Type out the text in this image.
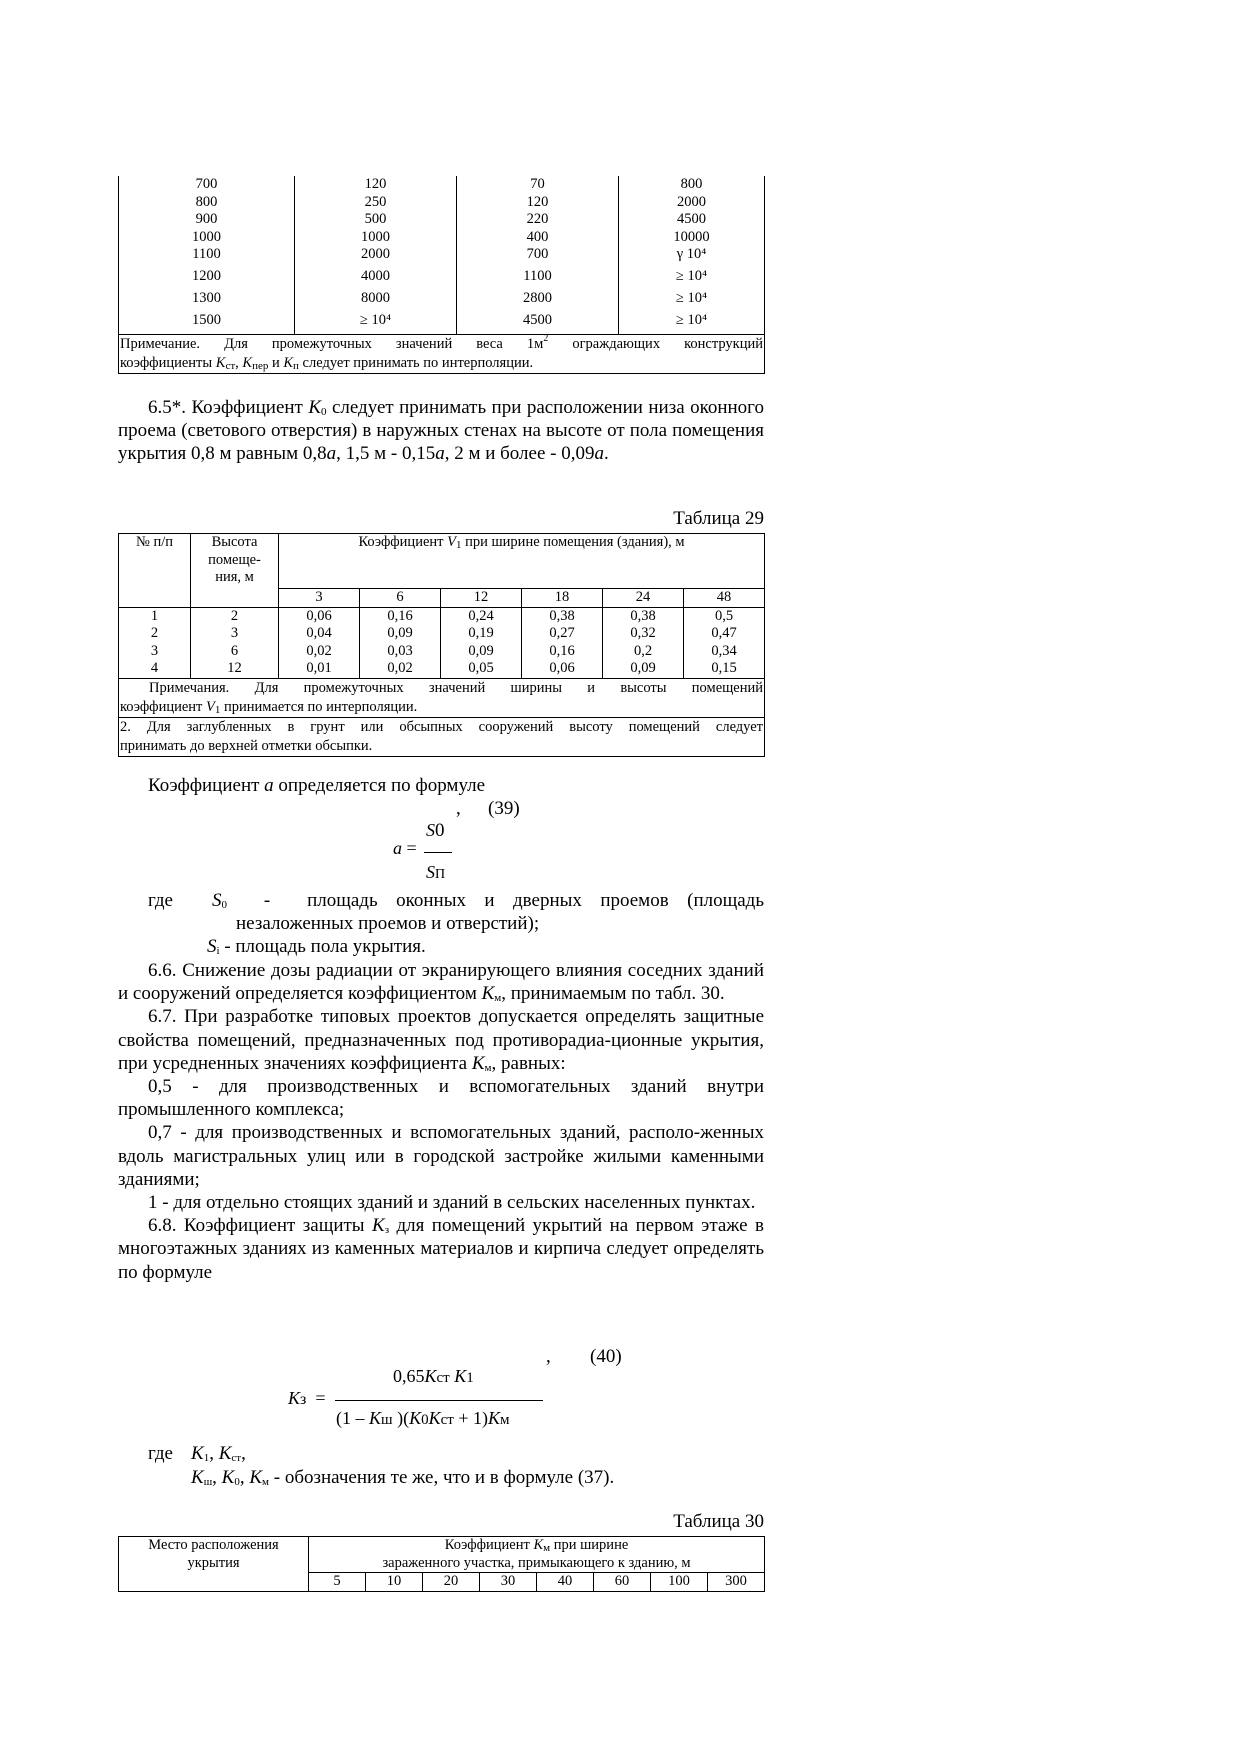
700	120	70	800
800	250	120	2000
900	500	220	4500
1000	1000	400	10000
1100	2000	700	γ 10⁴
1200	4000	1100	≥ 10⁴
1300	8000	2800	≥ 10⁴
1500	≥ 10⁴	4500	≥ 10⁴

Примечание. Для промежуточных значений веса $1м^2$ ограждающих конструкций
коэффициенты $K_{ст}$, $K_{пер}$ и $K_п$ следует принимать по интерполяции.			

6.5*. Коэффициент $K_0$ следует принимать при расположении низа оконного проема (светового отверстия) в наружных стенах на высоте от пола помещения укрытия 0,8 м равным 0,8a, 1,5 м - 0,15a, 2 м и более - 0,09a.

Таблица 29
№ п/п	Высота
помеще-
ния, м	Коэффициент $V_1$ при ширине помещения (здания), м					
		3	6	12	18	24	48
1	2	0,06	0,16	0,24	0,38	0,38	0,5
2	3	0,04	0,09	0,19	0,27	0,32	0,47
3	6	0,02	0,03	0,09	0,16	0,2	0,34
4	12	0,01	0,02	0,05	0,06	0,09	0,15

Примечания. Для промежуточных значений ширины и высоты помещений
коэффициент $V_1$ принимается по интерполяции.							

2. Для заглубленных в грунт или обсыпных сооружений высоту помещений следует
принимать до верхней отметки обсыпки.							
Коэффициент a определяется по формуле
, (39)
a =
S0
SП
где $S_0$  -  площадь оконных и дверных проемов (площадь
незаложенных проемов и отверстий);
$S_i$ - площадь пола укрытия.

6.6. Снижение дозы радиации от экранирующего влияния соседних зданий и сооружений определяется коэффициентом $K_м$, принимаемым по табл. 30.

6.7. При разработке типовых проектов допускается определять защитные свойства помещений, предназначенных под противорадиа-ционные укрытия, при усредненных значениях коэффициента $K_м$, равных:

0,5 - для производственных и вспомогательных зданий внутри промышленного комплекса;

0,7 - для производственных и вспомогательных зданий, располо-женных вдоль магистральных улиц или в городской застройке жилыми каменными зданиями;

1 - для отдельно стоящих зданий и зданий в сельских населенных пунктах.

6.8. Коэффициент защиты $K_з$ для помещений укрытий на первом этаже в многоэтажных зданиях из каменных материалов и кирпича следует определять по формуле

, (40)
Kз  =
0,65Kст K1
(1 – Kш )(K0Kст + 1)Kм
где $K_1$, $K_{ст}$,
$K_ш$, $K_0$, $K_м$ - обозначения те же, что и в формуле (37).
Таблица 30
Место расположения
укрытия	Коэффициент $K_м$ при ширине
зараженного участка, примыкающего к зданию, м							
	5	10	20	30	40	60	100	300
